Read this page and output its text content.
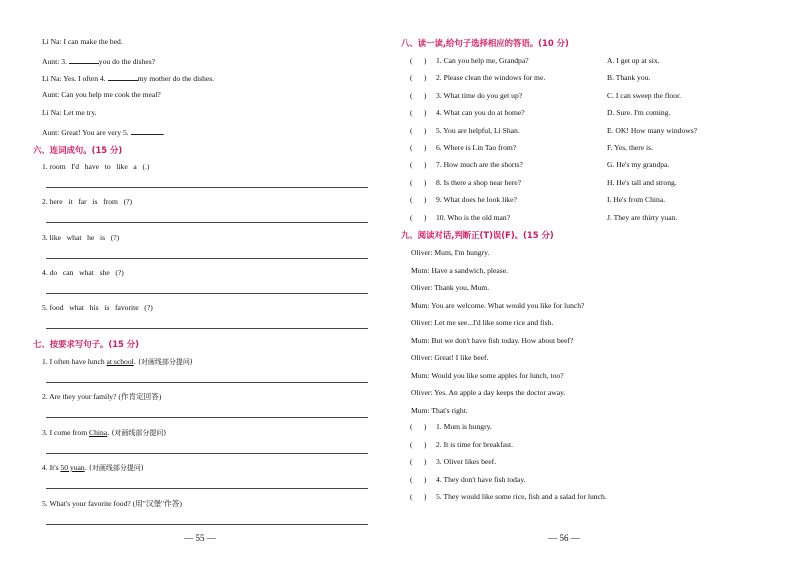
Li Na: I can make the bed.
Aunt: 3.	you do the dishes?
Li Na: Yes. I often 4.	my mother do the dishes.
Aunt: Can you help me cook the meal?
Li Na: Let me try.
Aunt: Great! You are very 5.	.
六、连词成句。(15 分)
1. room   I'd   have   to   like   a   (.)
2. here   it   far   is   from   (?)
3. like   what   he   is   (?)
4. do   can   what   she   (?)
5. food   what   his   is   favorite   (?)
七、按要求写句子。(15 分)
1. I often have lunch at school. (对画线部分提问)
2. Are they your family? (作肯定回答)
3. I come from China. (对画线部分提问)
4. It's 50 yuan. (对画线部分提问)
5. What's your favorite food? (用"汉堡"作答)
— 55 —
八、读一读,给句子选择相应的答语。(10 分)
(      ) 1. Can you help me, Grandpa?	A. I get up at six.
(      ) 2. Please clean the windows for me.	B. Thank you.
(      ) 3. What time do you get up?	C. I can sweep the floor.
(      ) 4. What can you do at home?	D. Sure. I'm coming.
(      ) 5. You are helpful, Li Shan.	E. OK! How many windows?
(      ) 6. Where is Lin Tao from?	F. Yes, there is.
(      ) 7. How much are the shorts?	G. He's my grandpa.
(      ) 8. Is there a shop near here?	H. He's tall and strong.
(      ) 9. What does he look like?	I. He's from China.
(      ) 10. Who is the old man?	J. They are thirty yuan.
九、阅读对话,判断正(T)误(F)。(15 分)
Oliver: Mum, I'm hungry.
Mum: Have a sandwich, please.
Oliver: Thank you, Mum.
Mum: You are welcome. What would you like for lunch?
Oliver: Let me see...I'd like some rice and fish.
Mum: But we don't have fish today. How about beef?
Oliver: Great! I like beef.
Mum: Would you like some apples for lunch, too?
Oliver: Yes. An apple a day keeps the doctor away.
Mum: That's right.
(      ) 1. Mum is hungry.
(      ) 2. It is time for breakfast.
(      ) 3. Oliver likes beef.
(      ) 4. They don't have fish today.
(      ) 5. They would like some rice, fish and a salad for lunch.
— 56 —
